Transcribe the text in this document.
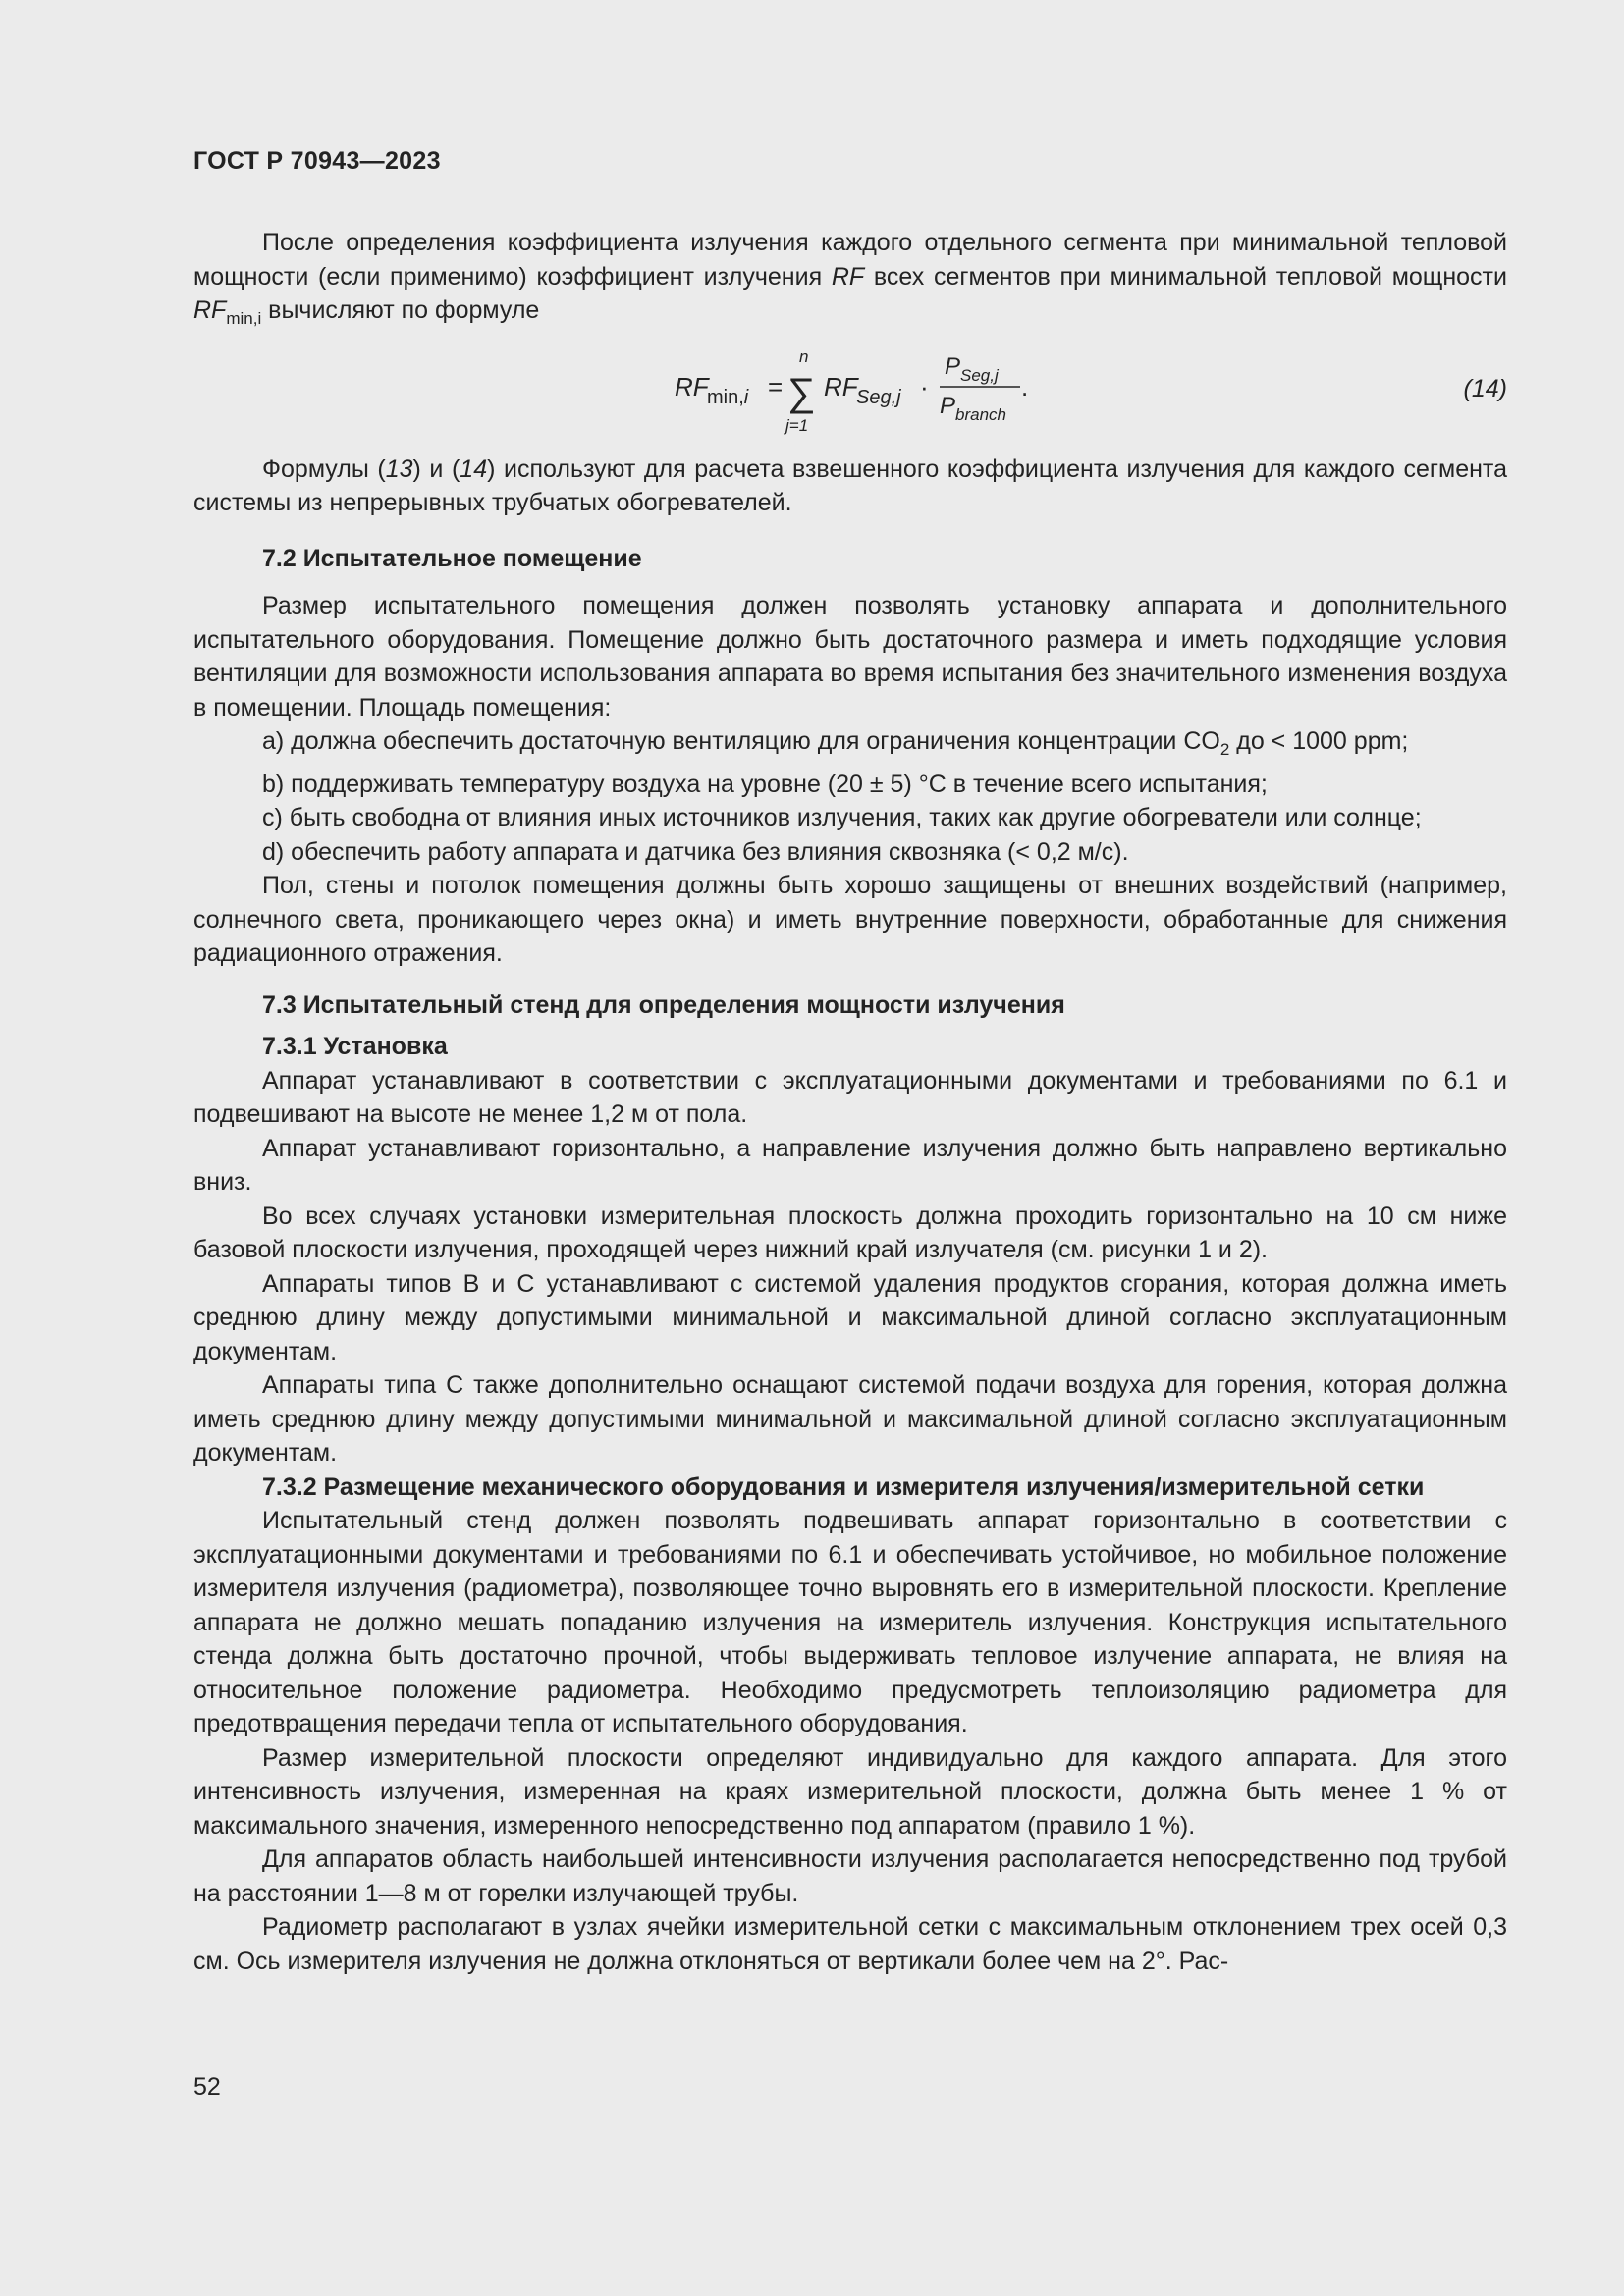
ГОСТ Р 70943—2023

После определения коэффициента излучения каждого отдельного сегмента при минимальной тепловой мощности (если применимо) коэффициент излучения RF всех сегментов при минимальной тепловой мощности $RF_{min,i}$ вычисляют по формуле

RF
min,i =
n
∑
j=1
RF
Seg,j ·
P Seg,j
P branch
.	(14)

Формулы (13) и (14) используют для расчета взвешенного коэффициента излучения для каждого сегмента системы из непрерывных трубчатых обогревателей.

7.2 Испытательное помещение

Размер испытательного помещения должен позволять установку аппарата и дополнительного испытательного оборудования. Помещение должно быть достаточного размера и иметь подходящие условия вентиляции для возможности использования аппарата во время испытания без значительного изменения воздуха в помещении. Площадь помещения:

a) должна обеспечить достаточную вентиляцию для ограничения концентрации $CO_2$ до < 1000 ppm;

b) поддерживать температуру воздуха на уровне (20 ± 5) °C в течение всего испытания;

c) быть свободна от влияния иных источников излучения, таких как другие обогреватели или солнце;

d) обеспечить работу аппарата и датчика без влияния сквозняка (< 0,2 м/с).

Пол, стены и потолок помещения должны быть хорошо защищены от внешних воздействий (например, солнечного света, проникающего через окна) и иметь внутренние поверхности, обработанные для снижения радиационного отражения.

7.3 Испытательный стенд для определения мощности излучения
7.3.1 Установка

Аппарат устанавливают в соответствии с эксплуатационными документами и требованиями по 6.1 и подвешивают на высоте не менее 1,2 м от пола.

Аппарат устанавливают горизонтально, а направление излучения должно быть направлено вертикально вниз.

Во всех случаях установки измерительная плоскость должна проходить горизонтально на 10 см ниже базовой плоскости излучения, проходящей через нижний край излучателя (см. рисунки 1 и 2).

Аппараты типов B и C устанавливают с системой удаления продуктов сгорания, которая должна иметь среднюю длину между допустимыми минимальной и максимальной длиной согласно эксплуатационным документам.

Аппараты типа C также дополнительно оснащают системой подачи воздуха для горения, которая должна иметь среднюю длину между допустимыми минимальной и максимальной длиной согласно эксплуатационным документам.

7.3.2 Размещение механического оборудования и измерителя излучения/измерительной сетки

Испытательный стенд должен позволять подвешивать аппарат горизонтально в соответствии с эксплуатационными документами и требованиями по 6.1 и обеспечивать устойчивое, но мобильное положение измерителя излучения (радиометра), позволяющее точно выровнять его в измерительной плоскости. Крепление аппарата не должно мешать попаданию излучения на измеритель излучения. Конструкция испытательного стенда должна быть достаточно прочной, чтобы выдерживать тепловое излучение аппарата, не влияя на относительное положение радиометра. Необходимо предусмотреть теплоизоляцию радиометра для предотвращения передачи тепла от испытательного оборудования.

Размер измерительной плоскости определяют индивидуально для каждого аппарата. Для этого интенсивность излучения, измеренная на краях измерительной плоскости, должна быть менее 1 % от максимального значения, измеренного непосредственно под аппаратом (правило 1 %).

Для аппаратов область наибольшей интенсивности излучения располагается непосредственно под трубой на расстоянии 1—8 м от горелки излучающей трубы.

Радиометр располагают в узлах ячейки измерительной сетки с максимальным отклонением трех осей 0,3 см. Ось измерителя излучения не должна отклоняться от вертикали более чем на 2°. Рас-

52
